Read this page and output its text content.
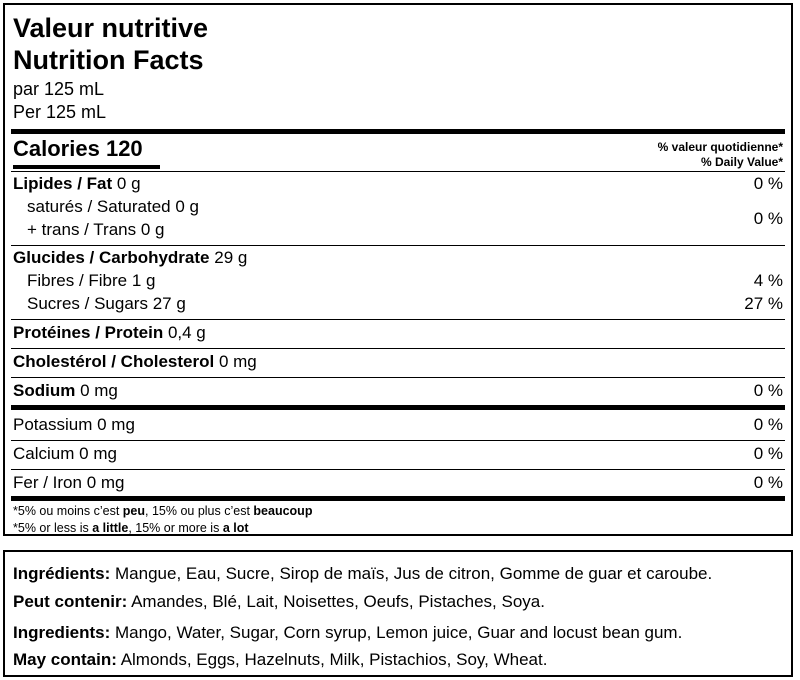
Valeur nutritive
Nutrition Facts
par 125 mL
Per 125 mL
Calories 120	% valeur quotidienne*
% Daily Value*
Lipides / Fat 0 g	0 %
saturés / Saturated 0 g
+ trans / Trans 0 g
0 %
Glucides / Carbohydrate 29 g
Fibres / Fibre 1 g	4 %
Sucres / Sugars 27 g	27 %
Protéines / Protein 0,4 g
Cholestérol / Cholesterol 0 mg
Sodium 0 mg	0 %
Potassium 0 mg	0 %
Calcium 0 mg	0 %
Fer / Iron 0 mg	0 %
*5% ou moins c’est peu, 15% ou plus c’est beaucoup
*5% or less is a little, 15% or more is a lot
Ingrédients: Mangue, Eau, Sucre, Sirop de maïs, Jus de citron, Gomme de guar et caroube.
Peut contenir: Amandes, Blé, Lait, Noisettes, Oeufs, Pistaches, Soya.
Ingredients: Mango, Water, Sugar, Corn syrup, Lemon juice, Guar and locust bean gum.
May contain: Almonds, Eggs, Hazelnuts, Milk, Pistachios, Soy, Wheat.
